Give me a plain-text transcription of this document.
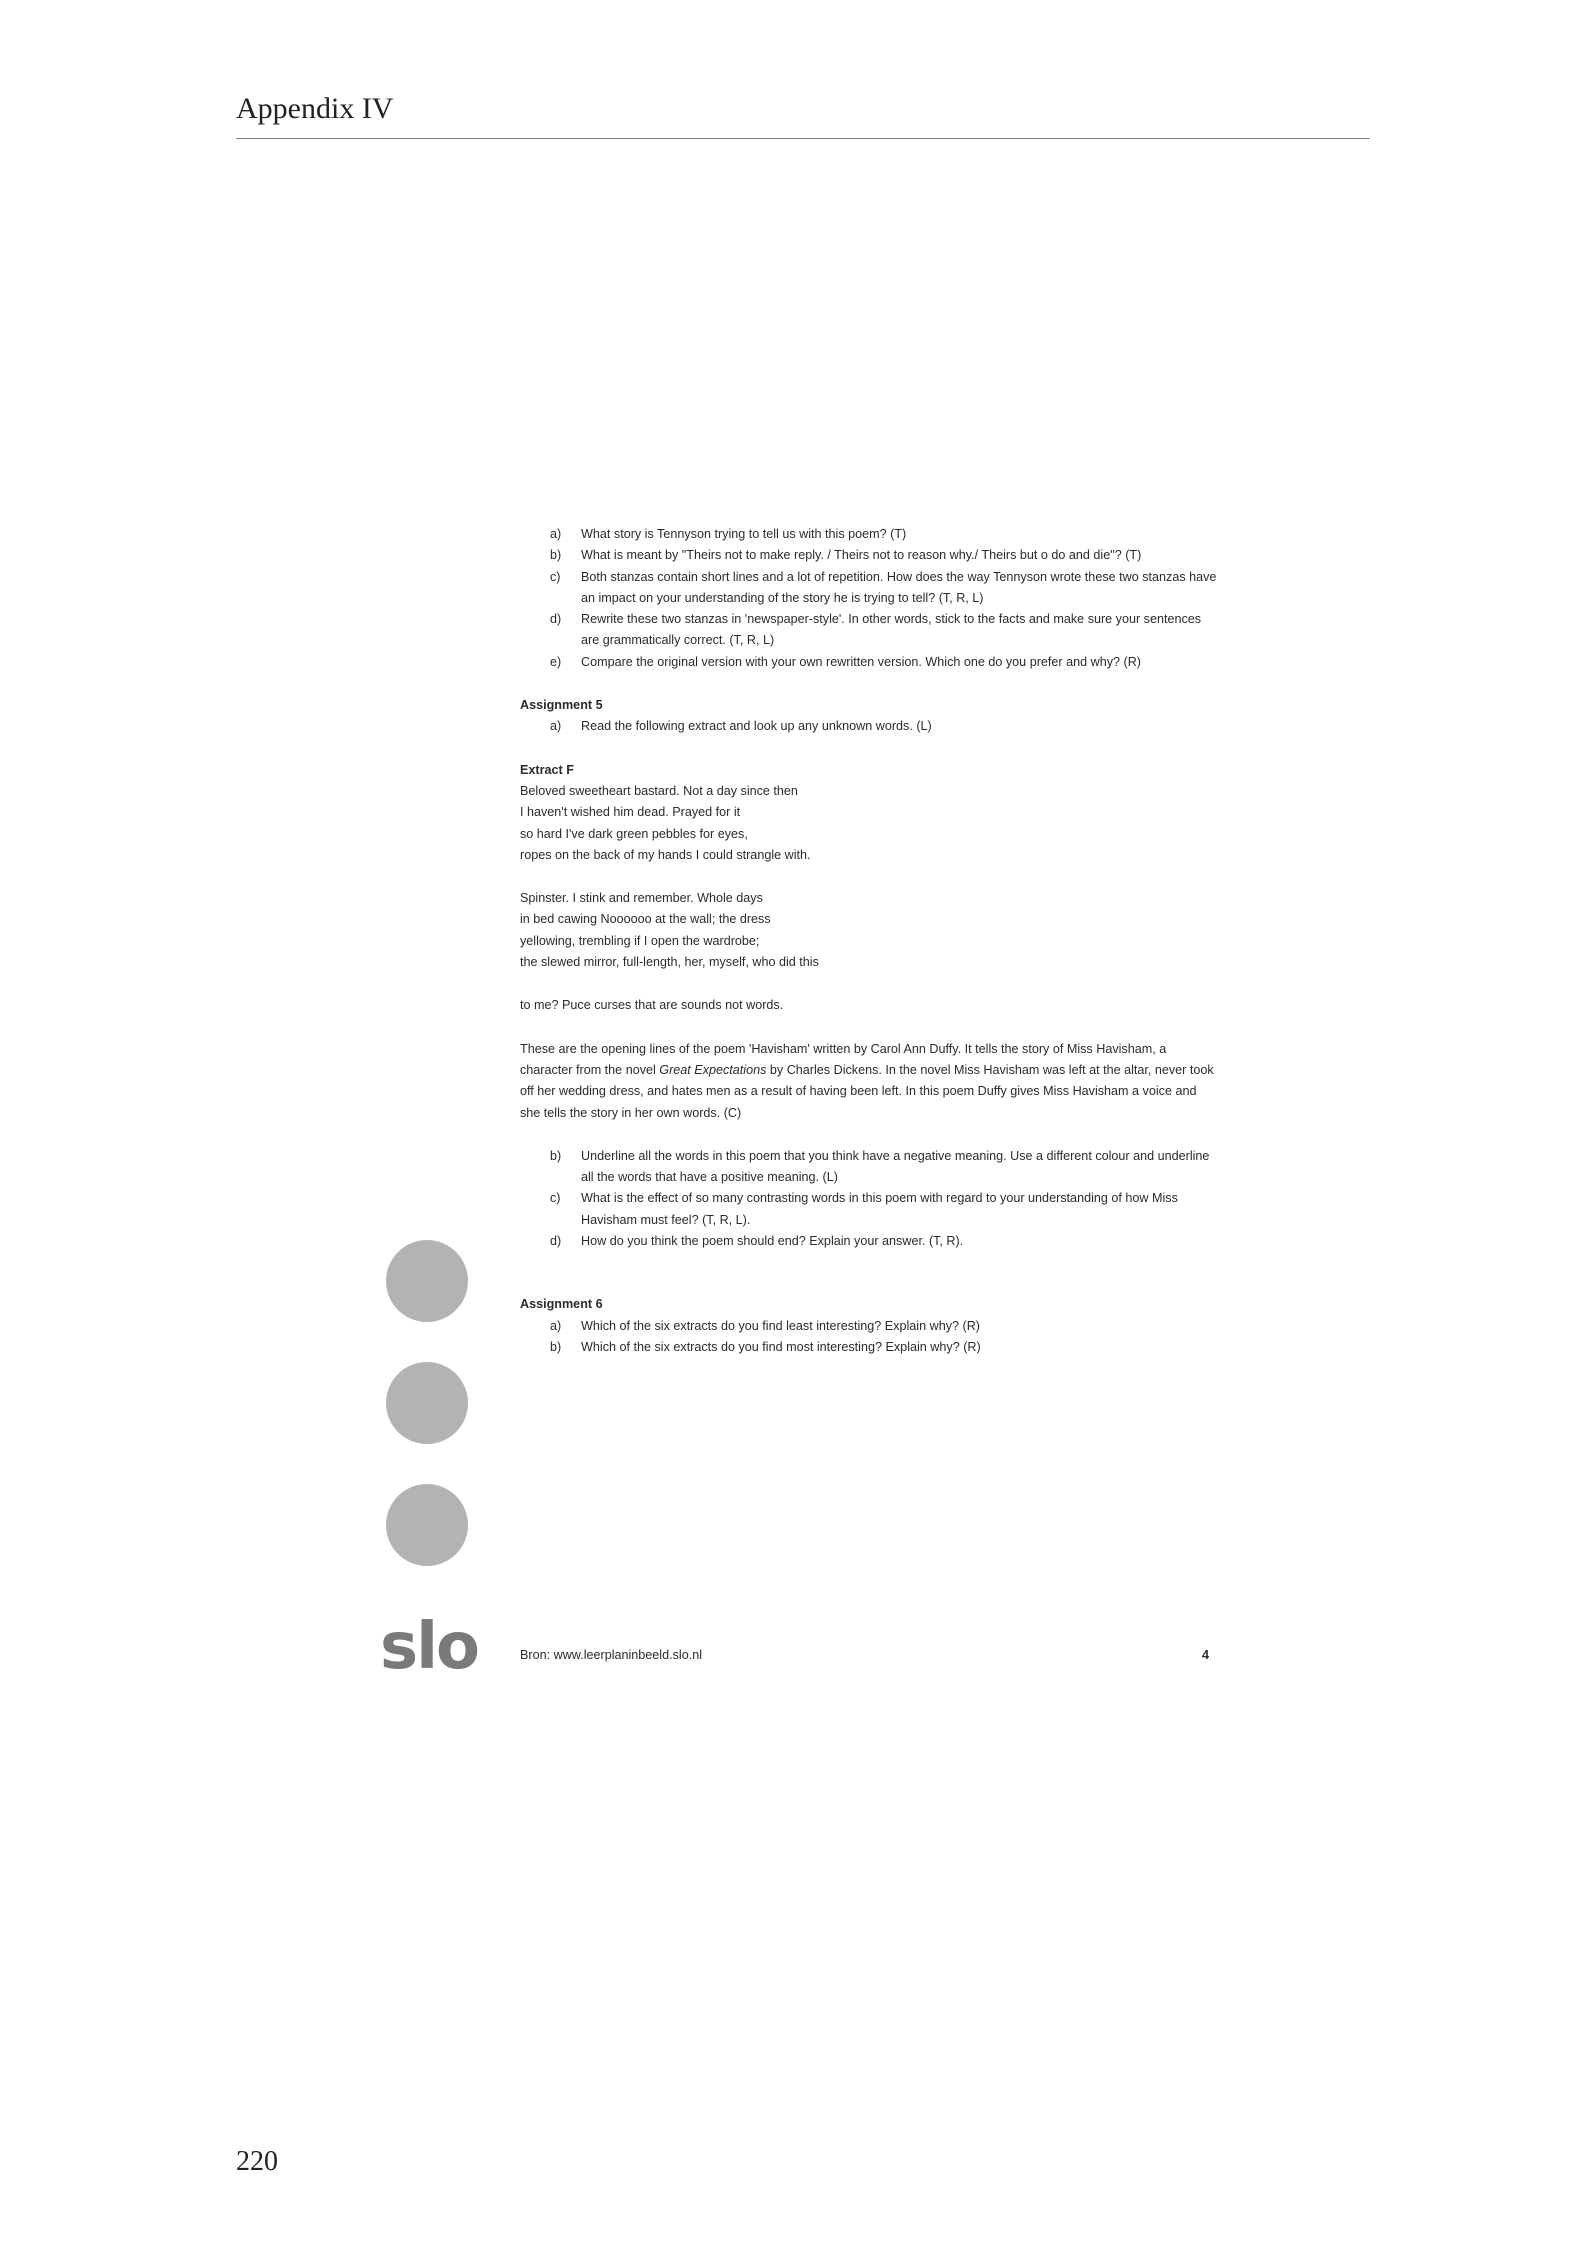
Appendix IV
a) What story is Tennyson trying to tell us with this poem? (T)
b) What is meant by "Theirs not to make reply. / Theirs not to reason why./ Theirs but o do and die"? (T)
c) Both stanzas contain short lines and a lot of repetition. How does the way Tennyson wrote these two stanzas have an impact on your understanding of the story he is trying to tell? (T, R, L)
d) Rewrite these two stanzas in 'newspaper-style'. In other words, stick to the facts and make sure your sentences are grammatically correct. (T, R, L)
e) Compare the original version with your own rewritten version. Which one do you prefer and why? (R)
Assignment 5
a) Read the following extract and look up any unknown words. (L)
Extract F
Beloved sweetheart bastard. Not a day since then
I haven't wished him dead. Prayed for it
so hard I've dark green pebbles for eyes,
ropes on the back of my hands I could strangle with.
Spinster. I stink and remember. Whole days
in bed cawing Noooooo at the wall; the dress
yellowing, trembling if I open the wardrobe;
the slewed mirror, full-length, her, myself, who did this
to me? Puce curses that are sounds not words.

These are the opening lines of the poem 'Havisham' written by Carol Ann Duffy. It tells the story of Miss Havisham, a character from the novel Great Expectations by Charles Dickens. In the novel Miss Havisham was left at the altar, never took off her wedding dress, and hates men as a result of having been left. In this poem Duffy gives Miss Havisham a voice and she tells the story in her own words. (C)

b) Underline all the words in this poem that you think have a negative meaning. Use a different colour and underline all the words that have a positive meaning. (L)
c) What is the effect of so many contrasting words in this poem with regard to your understanding of how Miss Havisham must feel? (T, R, L).
d) How do you think the poem should end? Explain your answer. (T, R).
Assignment 6
a) Which of the six extracts do you find least interesting? Explain why? (R)
b) Which of the six extracts do you find most interesting? Explain why? (R)
slo	Bron: www.leerplaninbeeld.slo.nl	4
220
